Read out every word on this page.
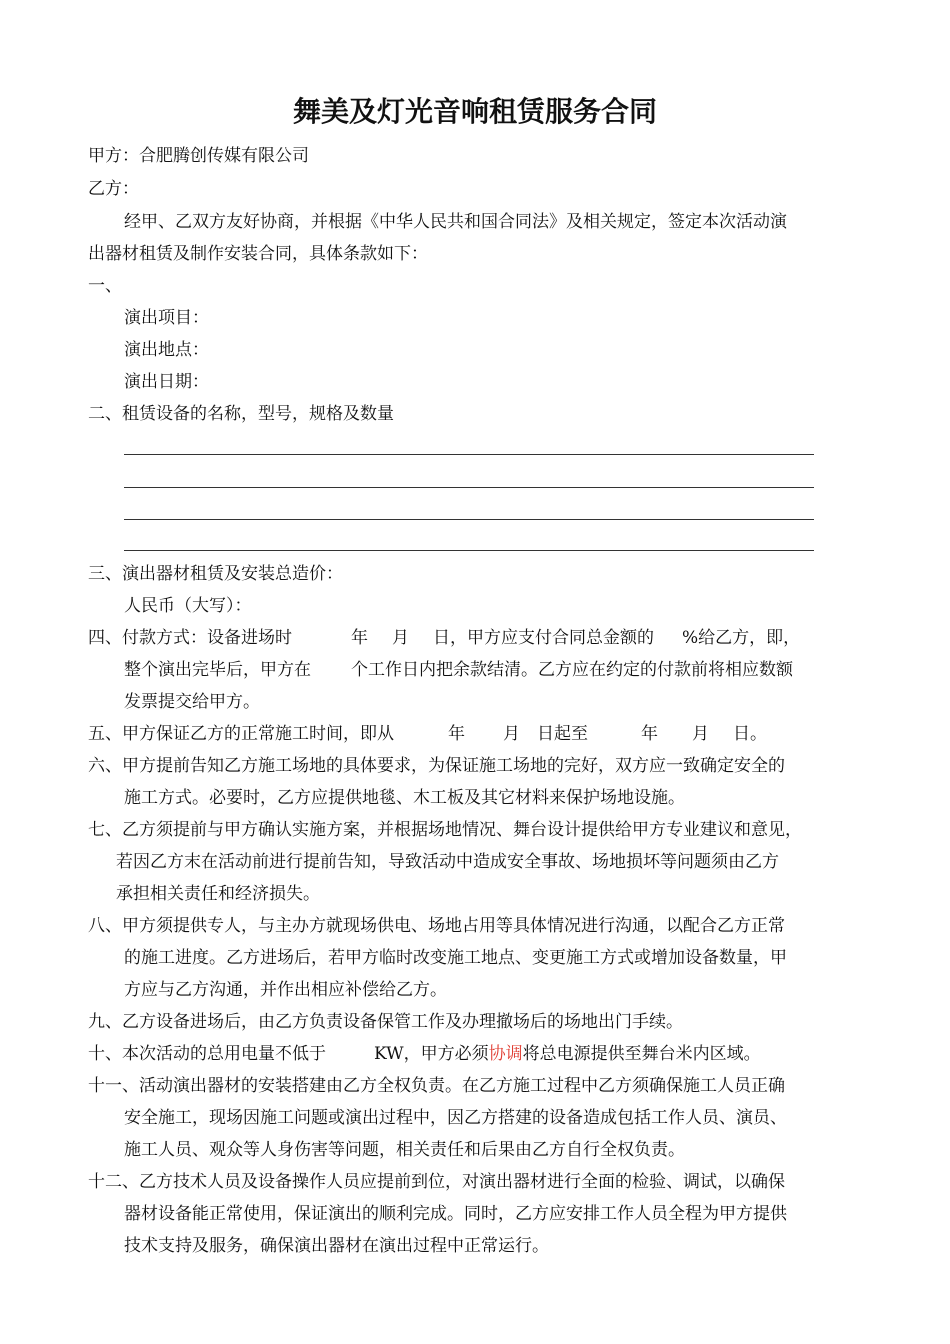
舞美及灯光音响租赁服务合同
甲方：合肥腾创传媒有限公司
乙方：
经甲、乙双方友好协商，并根据《中华人民共和国合同法》及相关规定，签定本次活动演
出器材租赁及制作安装合同，具体条款如下：
一、
演出项目：
演出地点：
演出日期：
二、租赁设备的名称，型号，规格及数量
三、演出器材租赁及安装总造价：
人民币（大写）：
四、付款方式：设备进场时	年 月 日，甲方应支付合同总金额的 %给乙方，即，
整个演出完毕后，甲方在 个工作日内把余款结清。乙方应在约定的付款前将相应数额
发票提交给甲方。
五、甲方保证乙方的正常施工时间，即从	年 月 日起至	年 月 日。
六、甲方提前告知乙方施工场地的具体要求，为保证施工场地的完好，双方应一致确定安全的
施工方式。必要时，乙方应提供地毯、木工板及其它材料来保护场地设施。
七、乙方须提前与甲方确认实施方案，并根据场地情况、舞台设计提供给甲方专业建议和意见，
若因乙方末在活动前进行提前告知，导致活动中造成安全事故、场地损坏等问题须由乙方
承担相关责任和经济损失。
八、甲方须提供专人，与主办方就现场供电、场地占用等具体情况进行沟通，以配合乙方正常
的施工进度。乙方进场后，若甲方临时改变施工地点、变更施工方式或增加设备数量，甲
方应与乙方沟通，并作出相应补偿给乙方。
九、乙方设备进场后，由乙方负责设备保管工作及办理撤场后的场地出门手续。
十、本次活动的总用电量不低于	KW，甲方必须协调将总电源提供至舞台米内区域。
十一、活动演出器材的安装搭建由乙方全权负责。在乙方施工过程中乙方须确保施工人员正确
安全施工，现场因施工问题或演出过程中，因乙方搭建的设备造成包括工作人员、演员、
施工人员、观众等人身伤害等问题，相关责任和后果由乙方自行全权负责。
十二、乙方技术人员及设备操作人员应提前到位，对演出器材进行全面的检验、调试，以确保
器材设备能正常使用，保证演出的顺利完成。同时，乙方应安排工作人员全程为甲方提供
技术支持及服务，确保演出器材在演出过程中正常运行。
